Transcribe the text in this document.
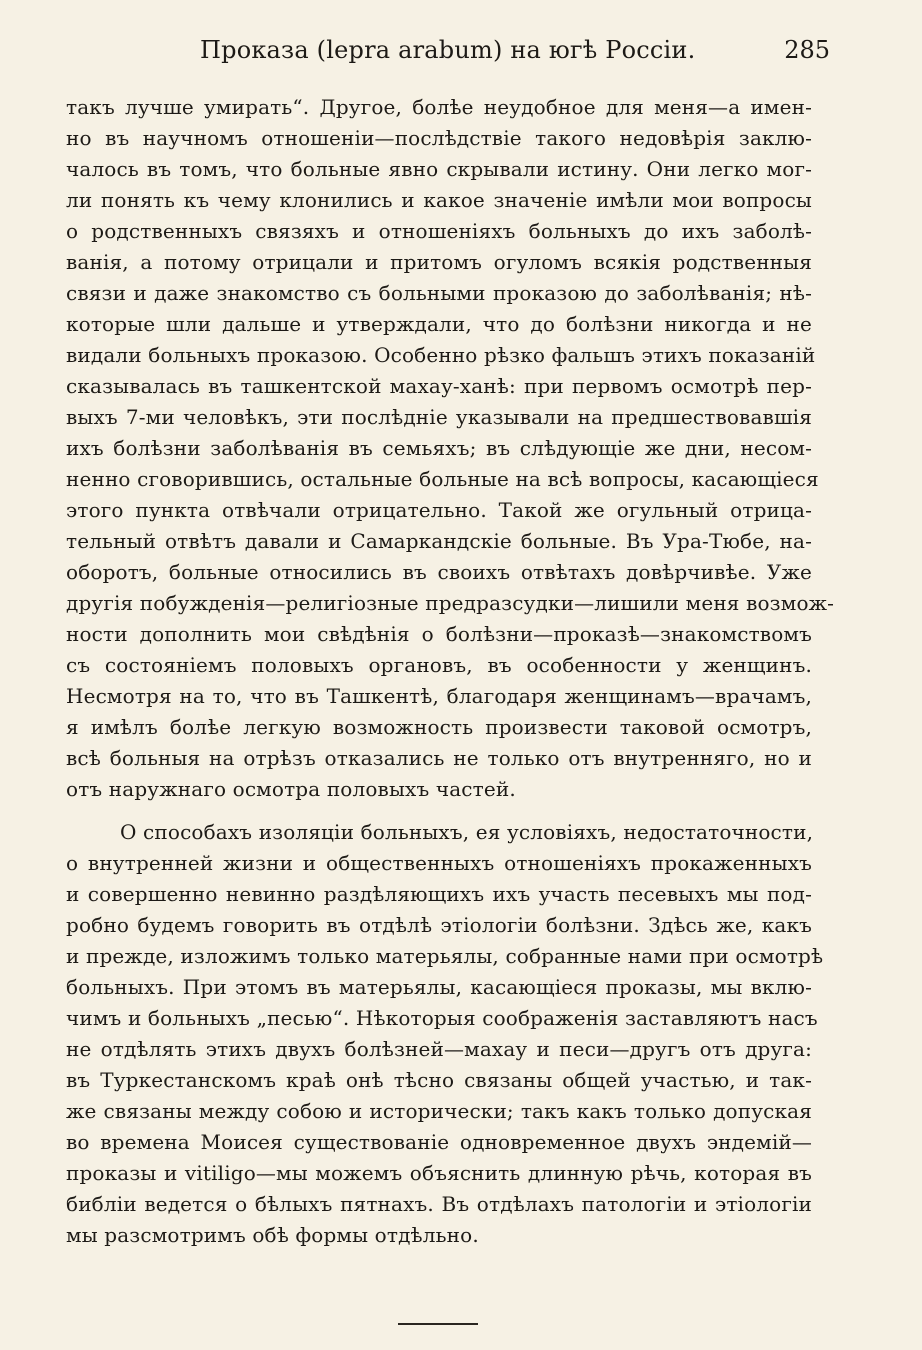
Проказа (lepra arabum) на югѣ Россіи.	285
такъ лучше умирать“. Другое, болѣе неудобное для меня—а имен-
но въ научномъ отношеніи—послѣдствіе такого недовѣрія заклю-
чалось въ томъ, что больные явно скрывали истину. Они легко мог-
ли понять къ чему клонились и какое значеніе имѣли мои вопросы
о родственныхъ связяхъ и отношеніяхъ больныхъ до ихъ заболѣ-
ванія, а потому отрицали и притомъ огуломъ всякія родственныя
связи и даже знакомство съ больными проказою до заболѣванія; нѣ-
которые шли дальше и утверждали, что до болѣзни никогда и не
видали больныхъ проказою. Особенно рѣзко фальшъ этихъ показаній
сказывалась въ ташкентской махау-ханѣ: при первомъ осмотрѣ пер-
выхъ 7-ми человѣкъ, эти послѣдніе указывали на предшествовавшія
ихъ болѣзни заболѣванія въ семьяхъ; въ слѣдующіе же дни, несом-
ненно сговорившись, остальные больные на всѣ вопросы, касающіеся
этого пункта отвѣчали отрицательно. Такой же огульный отрица-
тельный отвѣтъ давали и Самаркандскіе больные. Въ Ура-Тюбе, на-
оборотъ, больные относились въ своихъ отвѣтахъ довѣрчивѣе. Уже
другія побужденія—религіозные предразсудки—лишили меня возмож-
ности дополнить мои свѣдѣнія о болѣзни—проказѣ—знакомствомъ
съ состояніемъ половыхъ органовъ, въ особенности у женщинъ.
Несмотря на то, что въ Ташкентѣ, благодаря женщинамъ—врачамъ,
я имѣлъ болѣе легкую возможность произвести таковой осмотръ,
всѣ больныя на отрѣзъ отказались не только отъ внутренняго, но и
отъ наружнаго осмотра половыхъ частей.
О способахъ изоляціи больныхъ, ея условіяхъ, недостаточности,
о внутренней жизни и общественныхъ отношеніяхъ прокаженныхъ
и совершенно невинно раздѣляющихъ ихъ участь песевыхъ мы под-
робно будемъ говорить въ отдѣлѣ этіологіи болѣзни. Здѣсь же, какъ
и прежде, изложимъ только матерьялы, собранные нами при осмотрѣ
больныхъ. При этомъ въ матерьялы, касающіеся проказы, мы вклю-
чимъ и больныхъ „песью“. Нѣкоторыя соображенія заставляютъ насъ
не отдѣлять этихъ двухъ болѣзней—махау и песи—другъ отъ друга:
въ Туркестанскомъ краѣ онѣ тѣсно связаны общей участью, и так-
же связаны между собою и исторически; такъ какъ только допуская
во времена Моисея существованіе одновременное двухъ эндемій—
проказы и vitiligo—мы можемъ объяснить длинную рѣчь, которая въ
библіи ведется о бѣлыхъ пятнахъ. Въ отдѣлахъ патологіи и этіологіи
мы разсмотримъ обѣ формы отдѣльно.
